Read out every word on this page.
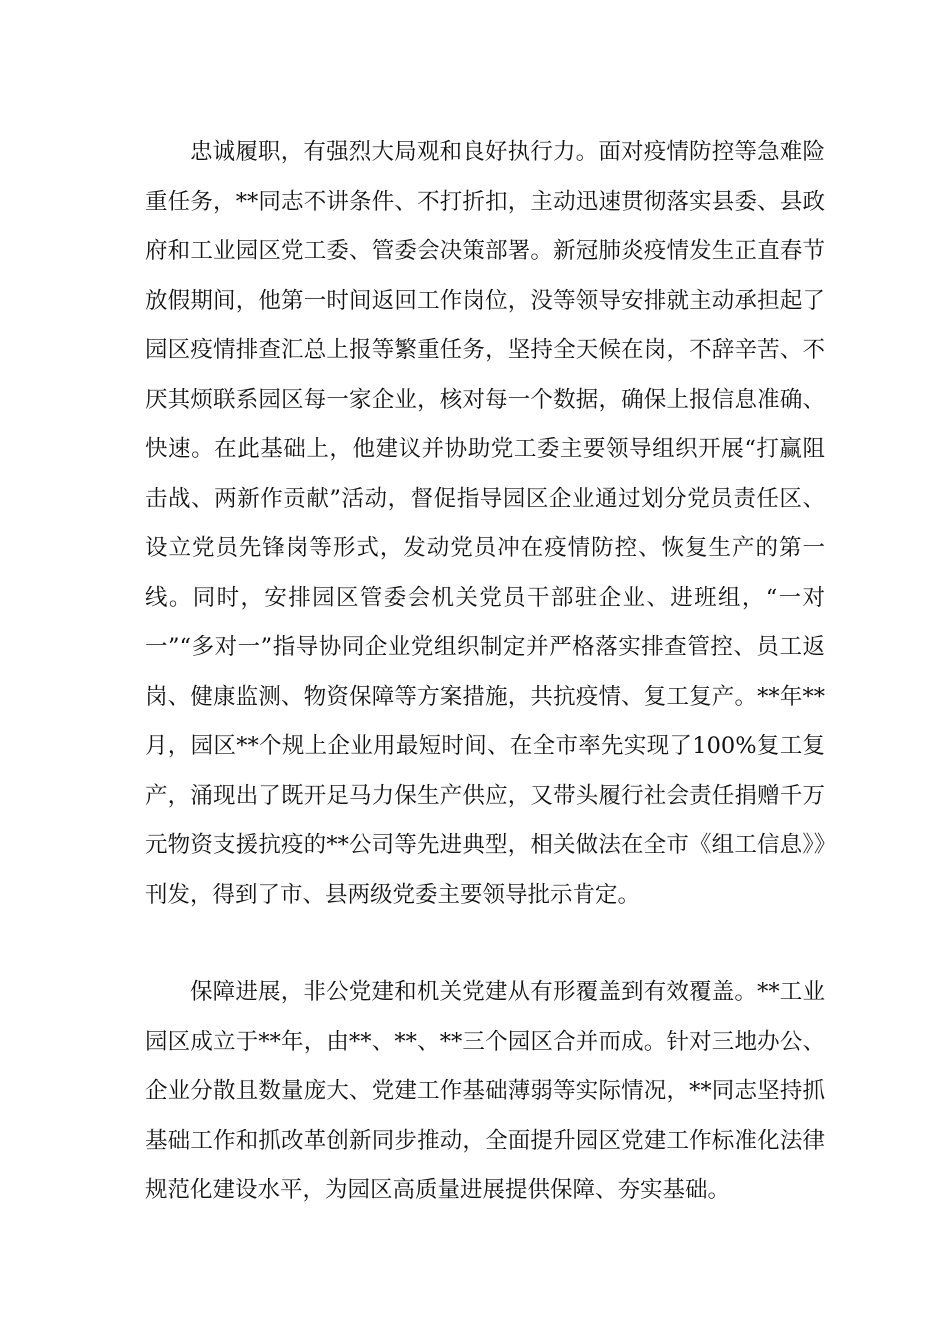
忠诚履职，有强烈大局观和良好执行力。面对疫情防控等急难险重任务，**同志不讲条件、不打折扣，主动迅速贯彻落实县委、县政府和工业园区党工委、管委会决策部署。新冠肺炎疫情发生正直春节放假期间，他第一时间返回工作岗位，没等领导安排就主动承担起了园区疫情排查汇总上报等繁重任务，坚持全天候在岗，不辞辛苦、不厌其烦联系园区每一家企业，核对每一个数据，确保上报信息准确、快速。在此基础上，他建议并协助党工委主要领导组织开展“打赢阻击战、两新作贡献”活动，督促指导园区企业通过划分党员责任区、设立党员先锋岗等形式，发动党员冲在疫情防控、恢复生产的第一线。同时，安排园区管委会机关党员干部驻企业、进班组，“一对一”“多对一”指导协同企业党组织制定并严格落实排查管控、员工返岗、健康监测、物资保障等方案措施，共抗疫情、复工复产。**年**月，园区**个规上企业用最短时间、在全市率先实现了100%复工复产，涌现出了既开足马力保生产供应，又带头履行社会责任捐赠千万元物资支援抗疫的**公司等先进典型，相关做法在全市《组工信息》》刊发，得到了市、县两级党委主要领导批示肯定。

保障进展，非公党建和机关党建从有形覆盖到有效覆盖。**工业园区成立于**年，由**、**、**三个园区合并而成。针对三地办公、企业分散且数量庞大、党建工作基础薄弱等实际情况，**同志坚持抓基础工作和抓改革创新同步推动，全面提升园区党建工作标准化法律规范化建设水平，为园区高质量进展提供保障、夯实基础。
